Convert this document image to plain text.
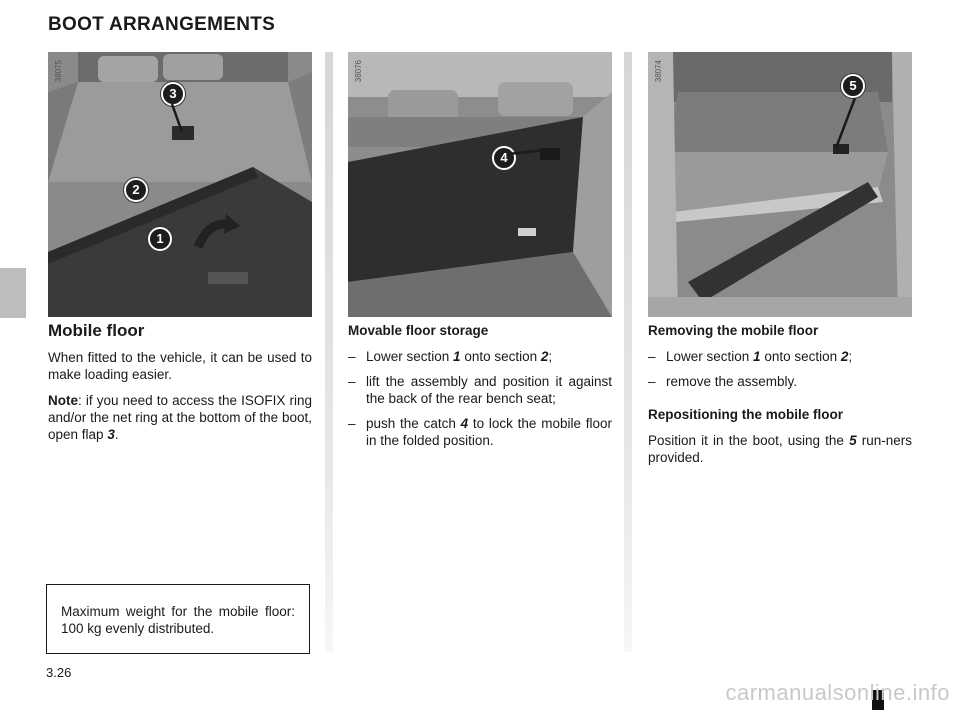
BOOT ARRANGEMENTS
38075
3
2
1
38076
4
38074
5
Mobile floor

When fitted to the vehicle, it can be used to make loading easier.

Note: if you need to access the ISOFIX ring and/or the net ring at the bottom of the boot, open flap 3.

Maximum weight for the mobile floor: 100 kg evenly distributed.
Movable floor storage
– Lower section 1 onto section 2;
– lift the assembly and position it against the back of the rear bench seat;
– push the catch 4 to lock the mobile floor in the folded position.
Removing the mobile floor
– Lower section 1 onto section 2;
– remove the assembly.
Repositioning the mobile floor

Position it in the boot, using the 5 run-ners provided.

3.26
carmanualsonline.info
